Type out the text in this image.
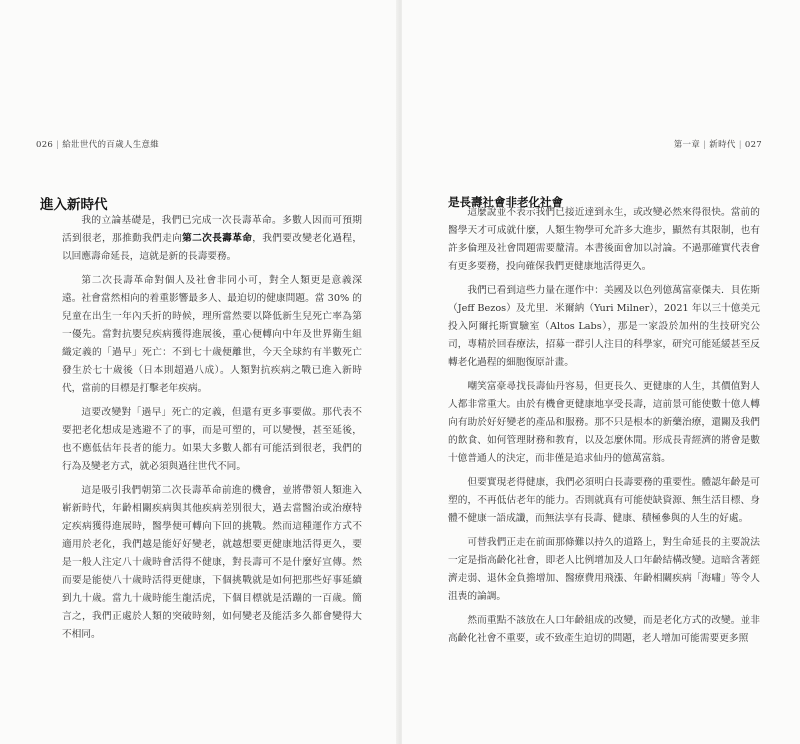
026 | 給壯世代的百歲人生意維
進入新時代

我的立論基礎是，我們已完成一次長壽革命。多數人因而可預期活到很老，那推動我們走向第二次長壽革命，我們要改變老化過程，以回應壽命延長，這就是新的長壽要務。

第二次長壽革命對個人及社會非同小可，對全人類更是意義深遠。社會當然相向的着重影響最多人、最迫切的健康問題。當 30% 的兒童在出生一年內夭折的時候，理所當然要以降低新生兒死亡率為第一優先。當對抗嬰兒疾病獲得進展後，重心便轉向中年及世界衛生組織定義的「過早」死亡：不到七十歲便離世，今天全球約有半數死亡發生於七十歲後（日本則超過八成）。人類對抗疾病之戰已進入新時代，當前的目標是打擊老年疾病。

這要改變對「過早」死亡的定義，但還有更多事要做。那代表不要把老化想成是逃避不了的事，而是可塑的，可以變慢，甚至延後，也不應低估年長者的能力。如果大多數人都有可能活到很老，我們的行為及變老方式，就必須與過往世代不同。

這是吸引我們朝第二次長壽革命前進的機會，並將帶領人類進入嶄新時代，年齡相關疾病與其他疾病差別很大，過去當醫治或治療特定疾病獲得進展時，醫學便可轉向下回的挑戰。然而這種運作方式不適用於老化，我們越是能好好變老，就越想要更健康地活得更久，要是一般人注定八十歲時會活得不健康，對長壽可不是什麼好宣傳。然而要是能使八十歲時活得更健康，下個挑戰就是如何把那些好事延續到九十歲。當九十歲時能生龍活虎，下個目標就是活蹦的一百歲。簡言之，我們正處於人類的突破時刻，如何變老及能活多久都會變得大不相同。

第一章 | 新時代 | 027
是長壽社會非老化社會

這麼說並不表示我們已接近達到永生，或改變必然來得很快。當前的醫學天才可成就什麼，人類生物學可允許多大進步，顯然有其限制，也有許多倫理及社會問題需要釐清。本書後面會加以討論。不過那確實代表會有更多要務，投向確保我們更健康地活得更久。

我們已看到這些力量在運作中：美國及以色列億萬富豪傑夫．貝佐斯（Jeff Bezos）及尤里．米爾納（Yuri Milner），2021 年以三十億美元投入阿爾托斯實驗室（Altos Labs），那是一家設於加州的生技研究公司，專精於回春療法，招募一群引人注目的科學家，研究可能延緩甚至反轉老化過程的細胞復原計畫。

嘲笑富豪尋找長壽仙丹容易，但更長久、更健康的人生，其價值對人人都非常重大。由於有機會更健康地享受長壽，這前景可能使數十億人轉向有助於好好變老的產品和服務。那不只是根本的新藥治療，還關及我們的飲食、如何管理財務和教育，以及怎麼休閒。形成長青經濟的將會是數十億普通人的決定，而非僅是追求仙丹的億萬富翁。

但要實現老得健康，我們必須明白長壽要務的重要性。體認年齡是可塑的，不再低估老年的能力。否則就真有可能使缺資源、無生活目標、身體不健康一語成讖，而無法享有長壽、健康、積極參與的人生的好處。

可替我們正走在前面那條難以持久的道路上，對生命延長的主要說法一定是指高齡化社會，即老人比例增加及人口年齡結構改變。這暗含著經濟走弱、退休金負擔增加、醫療費用飛漲、年齡相關疾病「海嘯」等令人沮喪的論調。

然而重點不該放在人口年齡組成的改變，而是老化方式的改變。並非高齡化社會不重要，或不致產生迫切的問題，老人增加可能需要更多照
